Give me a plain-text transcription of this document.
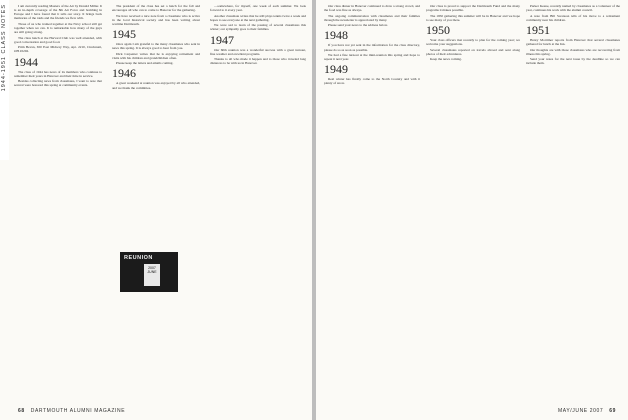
1944-1951 CLASS NOTES	I am currently reading Masters of the Air by Donald Miller. It is an in-depth coverage of the 8th Air Force and bombing in Europe and I have found that it tells our story. It brings back memories of the raids and the friends we flew with.

Those of us who trained together at the Navy school still get together when we can. It is remarkable how many of the guys are still going strong.

The class lunch at the Harvard Club was well attended, with good conversation and good food.

Prim Bevan, 650 East Midway Way, Apt. 2210, Cincinnati, OH 45202.

1944

The class of 1944 has news of its members who continue to remember their years in Hanover and their time in service.

Besides collecting news from classmates, I want to note that several were honored this spring at community events.

The president of the class has set a lunch for the fall and encourages all who can to come to Hanover for the gathering.

We have received a nice note from a classmate who is active in the local historical society and has been writing about wartime Dartmouth.

1945

Once again I am grateful to the many classmates who sent in news this spring. It is always good to hear from you.

Dick Carpenter writes that he is enjoying retirement and visits with his children and grandchildren often.

Please keep the letters and emails coming.

1946

A great weekend at reunion was enjoyed by all who attended, and we thank the committee.

—somewhere, for myself, one week of each summer. We look forward to it every year.

Another classmate writes that he still plays tennis twice a week and hopes to see everyone at the next gathering.

We were sad to learn of the passing of several classmates this winter; our sympathy goes to their families.

1947

Our 60th reunion was a wonderful success with a great turnout, fine weather and excellent programs.

Thanks to all who made it happen and to those who traveled long distances to be with us in Hanover.

REUNION
2007 JUNE
68 DARTMOUTH ALUMNI MAGAZINE

Our class dinner in Hanover continued to draw a strong crowd, and the food was fine as always.

The ongoing communication with classmates and their families through the newsletter is appreciated by many.

Please send your news to the address below.

1948

If you have not yet sent in the information for the class directory, please do so as soon as possible.

We had a fine turnout at the mini-reunion this spring and hope to repeat it next year.

1949

Real winter has finally come to the North Country and with it plenty of snow.

Our class is proud to support the Dartmouth Fund and the many programs it makes possible.

The 1950 gathering this summer will be in Hanover and we hope to see many of you there.

1950

Your class officers met recently to plan for the coming year; we welcome your suggestions.

Several classmates reported on travels abroad and sent along photos of their adventures.

Keep the news coming.

Parker Keene, recently named by classmates as a volunteer of the year, continues his work with the alumni council.

A note from Bill Swanson tells of his move to a retirement community near his children.

1951

Henry Mortimer reports from Hanover that several classmates gathered for lunch at the Inn.

Our thoughts are with those classmates who are recovering from illness this spring.

Send your notes for the next issue by the deadline so we can include them.

MAY/JUNE 2007 69
